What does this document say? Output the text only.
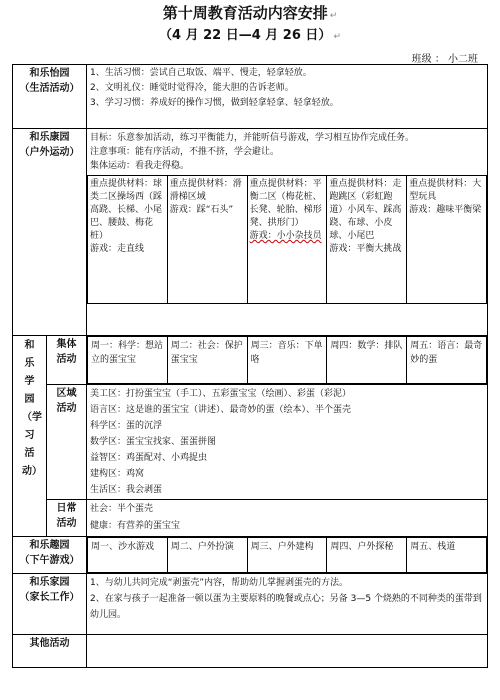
第十周教育活动内容安排 ↵
（4 月 22 日—4 月 26 日） ↵
班级 ： 小二班
和乐怡园
（生活活动）

1、生活习惯：尝试自己取饭、端平、慢走，轻拿轻放。
2、文明礼仪：睡觉时觉得冷，能大胆的告诉老师。
3、学习习惯：养成好的操作习惯，做到轻拿轻拿、轻拿轻放。

和乐康园
（户外运动）

目标：乐意参加活动，练习平衡能力，并能听信号游戏，学习相互协作完成任务。
注意事项：能有序活动，不推不挤，学会避让。
集体运动：看我走得稳。
重点提供材料：球类二区操场西（踩高跷、长梯、小尾巴、腰鼓、梅花桩）
游戏：走直线

重点提供材料：滑滑梯区域
游戏：踩“石头”

重点提供材料：平衡二区（梅花桩、长凳、轮胎、梯形凳、拱形门）
游戏：小小杂技员

重点提供材料：走跑跳区（彩虹跑道）小风车、踩高跷、布球、小皮球、小尾巴
游戏：平衡大挑战

重点提供材料：大型玩具
游戏：趣味平衡梁

和乐学园（学习活动）	
集体
活动

周一：科学：想站立的蛋宝宝	周二：社会：保护蛋宝宝	周三：音乐：下单咯	周四：数学：排队	周五：语言：最奇妙的蛋

区域
活动

美工区：打扮蛋宝宝（手工）、五彩蛋宝宝（绘画）、彩蛋（彩泥）
语言区：这是谁的蛋宝宝（讲述）、最奇妙的蛋（绘本）、半个蛋壳
科学区：蛋的沉浮
数学区：蛋宝宝找家、蛋蛋拼图
益智区：鸡蛋配对、小鸡捉虫
建构区：鸡窝
生活区：我会剥蛋

日常
活动

社会：半个蛋壳
健康：有营养的蛋宝宝

和乐趣园
（下午游戏）

周一、沙水游戏	周二、户外扮演	周三、户外建构	周四、户外探秘	周五、栈道

和乐家园
（家长工作）

1、与幼儿共同完成“剥蛋壳”内容，帮助幼儿掌握剥蛋壳的方法。
2、在家与孩子一起准备一顿以蛋为主要原料的晚餐或点心；另备 3—5 个烧熟的不同种类的蛋带到幼儿园。

其他活动	
